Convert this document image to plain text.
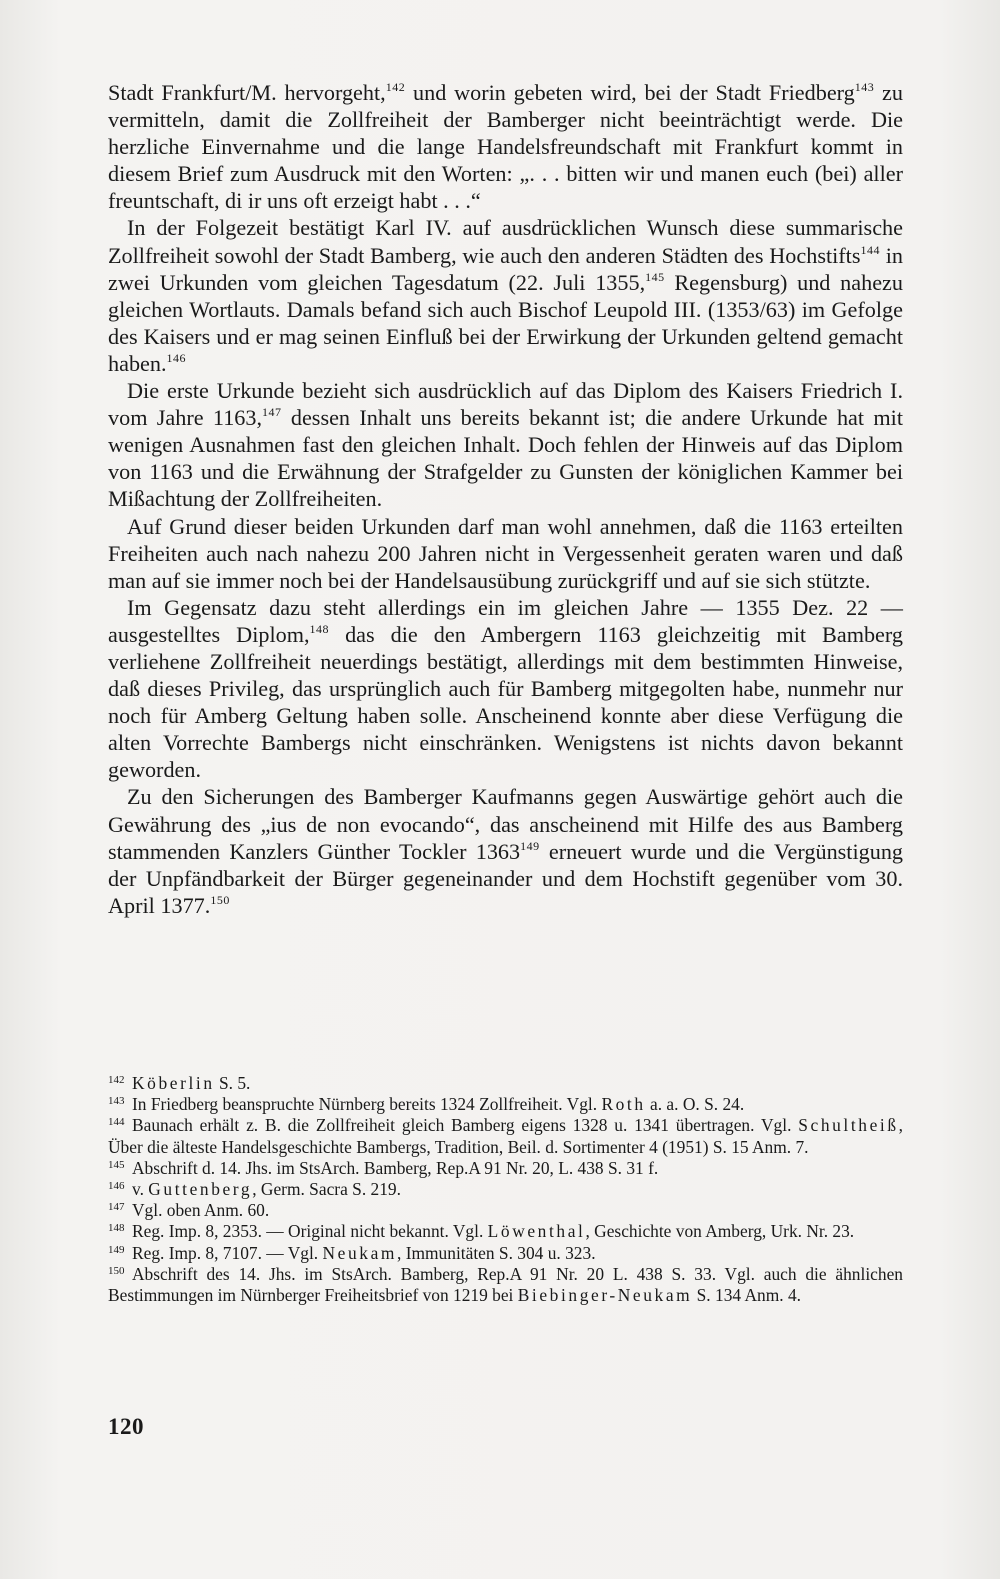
Stadt Frankfurt/M. hervorgeht,$^{142}$ und worin gebeten wird, bei der Stadt Friedberg$^{143}$ zu vermitteln, damit die Zollfreiheit der Bamberger nicht beeinträchtigt werde. Die herzliche Einvernahme und die lange Handelsfreundschaft mit Frankfurt kommt in diesem Brief zum Ausdruck mit den Worten: „. . . bitten wir und manen euch (bei) aller freuntschaft, di ir uns oft erzeigt habt . . .“

In der Folgezeit bestätigt Karl IV. auf ausdrücklichen Wunsch diese summarische Zollfreiheit sowohl der Stadt Bamberg, wie auch den anderen Städten des Hochstifts$^{144}$ in zwei Urkunden vom gleichen Tagesdatum (22. Juli 1355,$^{145}$ Regensburg) und nahezu gleichen Wortlauts. Damals befand sich auch Bischof Leupold III. (1353/63) im Gefolge des Kaisers und er mag seinen Einfluß bei der Erwirkung der Urkunden geltend gemacht haben.$^{146}$

Die erste Urkunde bezieht sich ausdrücklich auf das Diplom des Kaisers Friedrich I. vom Jahre 1163,$^{147}$ dessen Inhalt uns bereits bekannt ist; die andere Urkunde hat mit wenigen Ausnahmen fast den gleichen Inhalt. Doch fehlen der Hinweis auf das Diplom von 1163 und die Erwähnung der Strafgelder zu Gunsten der königlichen Kammer bei Mißachtung der Zollfreiheiten.

Auf Grund dieser beiden Urkunden darf man wohl annehmen, daß die 1163 erteilten Freiheiten auch nach nahezu 200 Jahren nicht in Vergessenheit geraten waren und daß man auf sie immer noch bei der Handelsausübung zurückgriff und auf sie sich stützte.

Im Gegensatz dazu steht allerdings ein im gleichen Jahre — 1355 Dez. 22 — ausgestelltes Diplom,$^{148}$ das die den Ambergern 1163 gleichzeitig mit Bamberg verliehene Zollfreiheit neuerdings bestätigt, allerdings mit dem bestimmten Hinweise, daß dieses Privileg, das ursprünglich auch für Bamberg mitgegolten habe, nunmehr nur noch für Amberg Geltung haben solle. Anscheinend konnte aber diese Verfügung die alten Vorrechte Bambergs nicht einschränken. Wenigstens ist nichts davon bekannt geworden.

Zu den Sicherungen des Bamberger Kaufmanns gegen Auswärtige gehört auch die Gewährung des „ius de non evocando“, das anscheinend mit Hilfe des aus Bamberg stammenden Kanzlers Günther Tockler 1363$^{149}$ erneuert wurde und die Vergünstigung der Unpfändbarkeit der Bürger gegeneinander und dem Hochstift gegenüber vom 30. April 1377.$^{150}$

142 Köberlin S. 5.

143 In Friedberg beanspruchte Nürnberg bereits 1324 Zollfreiheit. Vgl. Roth a. a. O. S. 24.

144 Baunach erhält z. B. die Zollfreiheit gleich Bamberg eigens 1328 u. 1341 übertragen. Vgl. Schultheiß, Über die älteste Handelsgeschichte Bambergs, Tradition, Beil. d. Sortimenter 4 (1951) S. 15 Anm. 7.

145 Abschrift d. 14. Jhs. im StsArch. Bamberg, Rep.A 91 Nr. 20, L. 438 S. 31 f.

146 v. Guttenberg, Germ. Sacra S. 219.

147 Vgl. oben Anm. 60.

148 Reg. Imp. 8, 2353. — Original nicht bekannt. Vgl. Löwenthal, Geschichte von Amberg, Urk. Nr. 23.

149 Reg. Imp. 8, 7107. — Vgl. Neukam, Immunitäten S. 304 u. 323.

150 Abschrift des 14. Jhs. im StsArch. Bamberg, Rep.A 91 Nr. 20 L. 438 S. 33. Vgl. auch die ähnlichen Bestimmungen im Nürnberger Freiheitsbrief von 1219 bei Biebinger-Neukam S. 134 Anm. 4.

120
